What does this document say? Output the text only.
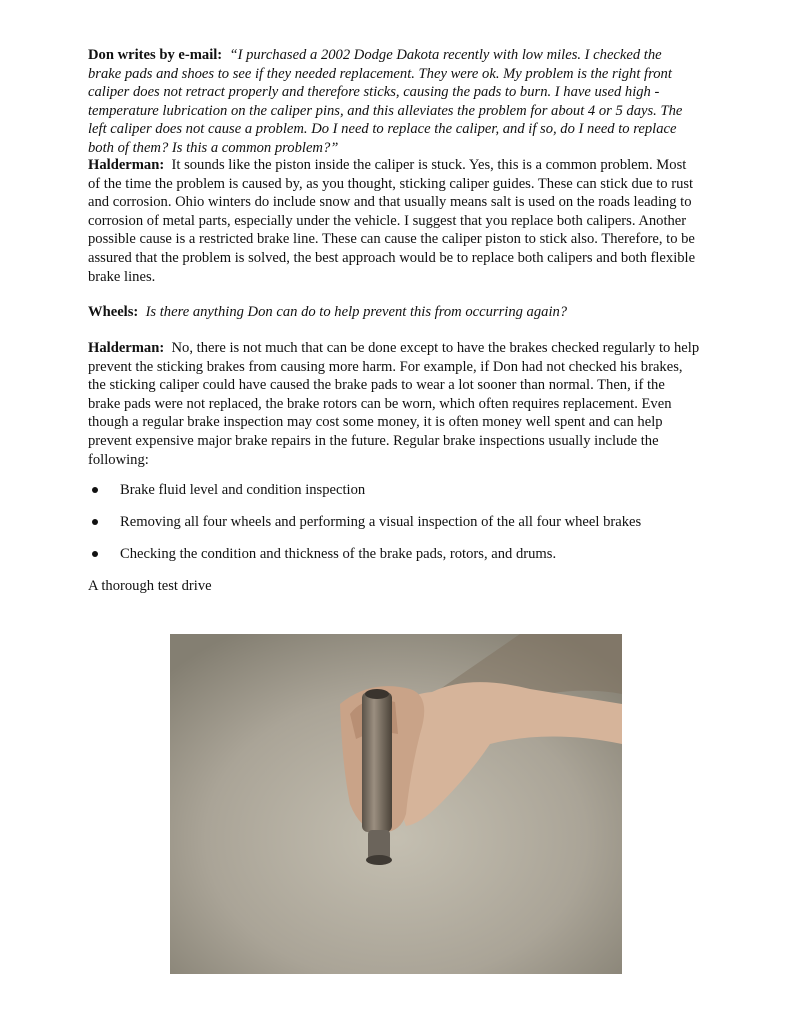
Don writes by e-mail: “I purchased a 2002 Dodge Dakota recently with low miles. I checked the
brake pads and shoes to see if they needed replacement. They were ok. My problem is the right front
caliper does not retract properly and therefore sticks, causing the pads to burn. I have used high -
temperature lubrication on the caliper pins, and this alleviates the problem for about 4 or 5 days. The
left caliper does not cause a problem. Do I need to replace the caliper, and if so, do I need to replace
both of them? Is this a common problem?”
Halderman: It sounds like the piston inside the caliper is stuck. Yes, this is a common problem. Most
of the time the problem is caused by, as you thought, sticking caliper guides. These can stick due to rust
and corrosion. Ohio winters do include snow and that usually means salt is used on the roads leading to
corrosion of metal parts, especially under the vehicle. I suggest that you replace both calipers. Another
possible cause is a restricted brake line. These can cause the caliper piston to stick also. Therefore, to be
assured that the problem is solved, the best approach would be to replace both calipers and both flexible
brake lines.
Wheels: Is there anything Don can do to help prevent this from occurring again?
Halderman: No, there is not much that can be done except to have the brakes checked regularly to help
prevent the sticking brakes from causing more harm. For example, if Don had not checked his brakes,
the sticking caliper could have caused the brake pads to wear a lot sooner than normal. Then, if the
brake pads were not replaced, the brake rotors can be worn, which often requires replacement. Even
though a regular brake inspection may cost some money, it is often money well spent and can help
prevent expensive major brake repairs in the future. Regular brake inspections usually include the
following:
Brake fluid level and condition inspection
Removing all four wheels and performing a visual inspection of the all four wheel brakes
Checking the condition and thickness of the brake pads, rotors, and drums.
A thorough test drive
